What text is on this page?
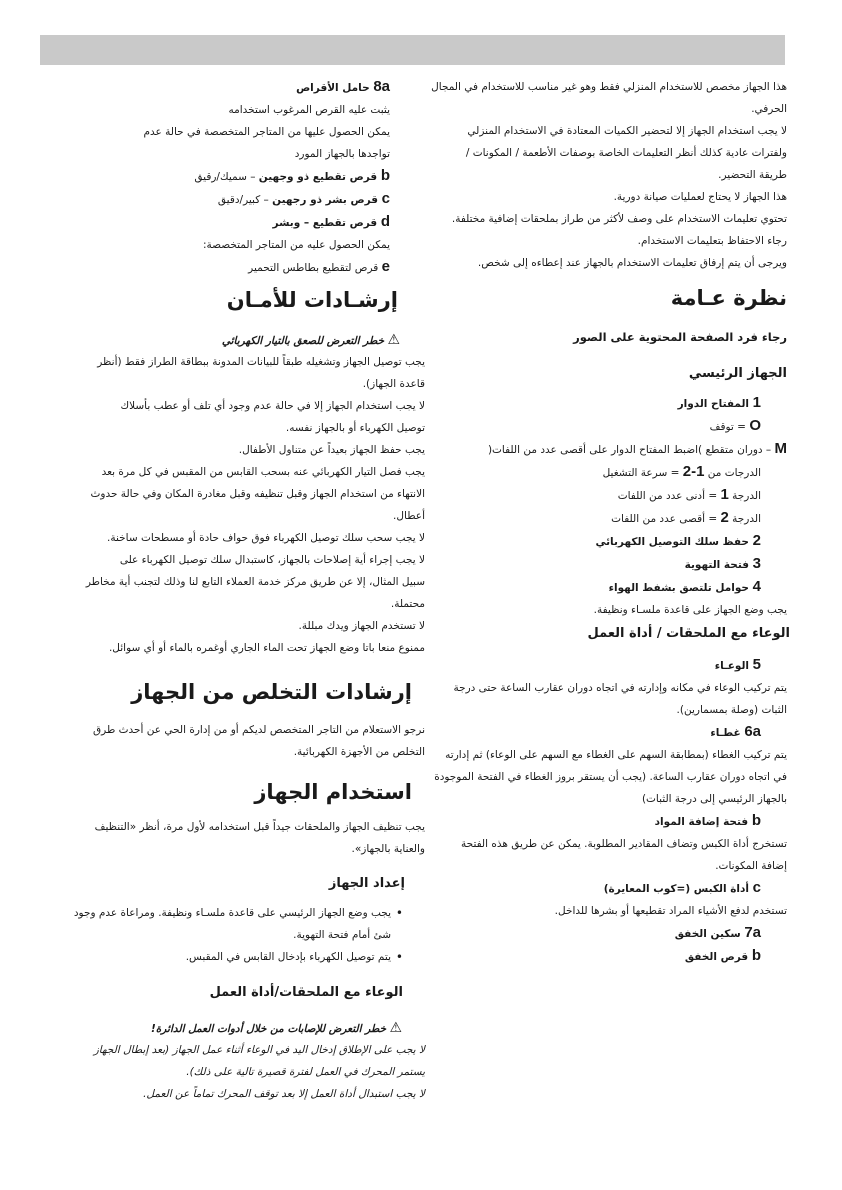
هذا الجهاز مخصص للاستخدام المنزلي فقط وهو غير مناسب للاستخدام في المجال
الحرفي.
لا يجب استخدام الجهاز إلا لتحضير الكميات المعتادة في الاستخدام المنزلي
ولفترات عادية كذلك أنظر التعليمات الخاصة بوصفات الأطعمة / المكونات /
طريقة التحضير.
هذا الجهاز لا يحتاج لعمليات صيانة دورية.
تحتوي تعليمات الاستخدام على وصف لأكثر من طراز بملحقات إضافية مختلفة.
رجاء الاحتفاظ بتعليمات الاستخدام.
ويرجى أن يتم إرفاق تعليمات الاستخدام بالجهاز عند إعطاءه إلى شخص.
نظرة عـامة
رجاء فرد الصفحة المحتوية على الصور
الجهاز الرئيسي
1 المفتاح الدوار
O = توقف
M – دوران متقطع )اضبط المفتاح الدوار على أقصى عدد من اللفات(
الدرجات من 1-2 = سرعة التشغيل
الدرجة 1 = أدنى عدد من اللفات
الدرجة 2 = أقصى عدد من اللفات
2 حفظ سلك التوصيل الكهربائي
3 فتحة التهوية
4 حوامل تلتصق بشفط الهواء
يجب وضع الجهاز على قاعدة ملسـاء ونظيفة.
الوعاء مع الملحقات / أداة العمل
5 الوعـاء
يتم تركيب الوعاء في مكانه وإدارته في اتجاه دوران عقارب الساعة حتى درجة
الثبات (وصلة بمسمارين).
6a غطـاء
يتم تركيب الغطاء (بمطابقة السهم على الغطاء مع السهم على الوعاء) ثم إدارته
في اتجاه دوران عقارب الساعة. (يجب أن يستقر بروز الغطاء في الفتحة الموجودة
بالجهاز الرئيسي إلى درجة الثبات)
b فتحة إضافة المواد
تستخرج أداة الكبس وتضاف المقادير المطلوبة. يمكن عن طريق هذه الفتحة
إضافة المكونات.
c أداة الكبس (=كوب المعايرة)
تستخدم لدفع الأشياء المراد تقطيعها أو بشرها للداخل.
7a سكين الخفق
b قرص الخفق
8a حامل الأقراص
يثبت عليه القرص المرغوب استخدامه
يمكن الحصول عليها من المتاجر المتخصصة في حالة عدم
تواجدها بالجهاز المورد
b قرص تقطيع ذو وجهين – سميك/رقيق
c قرص بشر ذو رجهين – كبير/دقيق
d قرص تقطيع – وبشر
يمكن الحصول عليه من المتاجر المتخصصة:
e قرص لتقطيع بطاطس التحمير
إرشـادات للأمـان
⚠ خطر التعرض للصعق بالتيار الكهربائي
يجب توصيل الجهاز وتشغيله طبقاً للبيانات المدونة ببطاقة الطراز فقط (أنظر
قاعدة الجهاز).
لا يجب استخدام الجهاز إلا في حالة عدم وجود أي تلف أو عطب بأسلاك
توصيل الكهرباء أو بالجهاز نفسه.
يجب حفظ الجهاز بعيداً عن متناول الأطفال.
يجب فصل التيار الكهربائي عنه بسحب القابس من المقبس في كل مرة بعد
الانتهاء من استخدام الجهاز وقبل تنظيفه وقبل مغادرة المكان وفي حالة حدوث
أعطال.
لا يجب سحب سلك توصيل الكهرباء فوق حواف حادة أو مسطحات ساخنة.
لا يجب إجراء أية إصلاحات بالجهاز، كاستبدال سلك توصيل الكهرباء على
سبيل المثال، إلا عن طريق مركز خدمة العملاء التابع لنا وذلك لتجنب أية مخاطر
محتملة.
لا تستخدم الجهاز ويدك مبللة.
ممنوع منعا باتا وضع الجهاز تحت الماء الجاري أوغمره بالماء أو أي سوائل.
إرشادات التخلص من الجهاز
نرجو الاستعلام من التاجر المتخصص لديكم أو من إدارة الحي عن أحدث طرق
التخلص من الأجهزة الكهربائية.
استخدام الجهاز
يجب تنظيف الجهاز والملحقات جيداً قبل استخدامه لأول مرة، أنظر «التنظيف
والعناية بالجهاز».
إعداد الجهاز
• يجب وضع الجهاز الرئيسي على قاعدة ملسـاء ونظيفة. ومراعاة عدم وجود
شئ أمام فتحة التهوية.
• يتم توصيل الكهرباء بإدخال القابس في المقبس.
الوعاء مع الملحقات/أداة العمل
⚠ خطر التعرض للإصابات من خلال أدوات العمل الدائرة!
لا يجب على الإطلاق إدخال اليد في الوعاء أثناء عمل الجهاز (بعد إبطال الجهاز
يستمر المحرك في العمل لفترة قصيرة تالية على ذلك).
لا يجب استبدال أداة العمل إلا بعد توقف المحرك تماماً عن العمل.
